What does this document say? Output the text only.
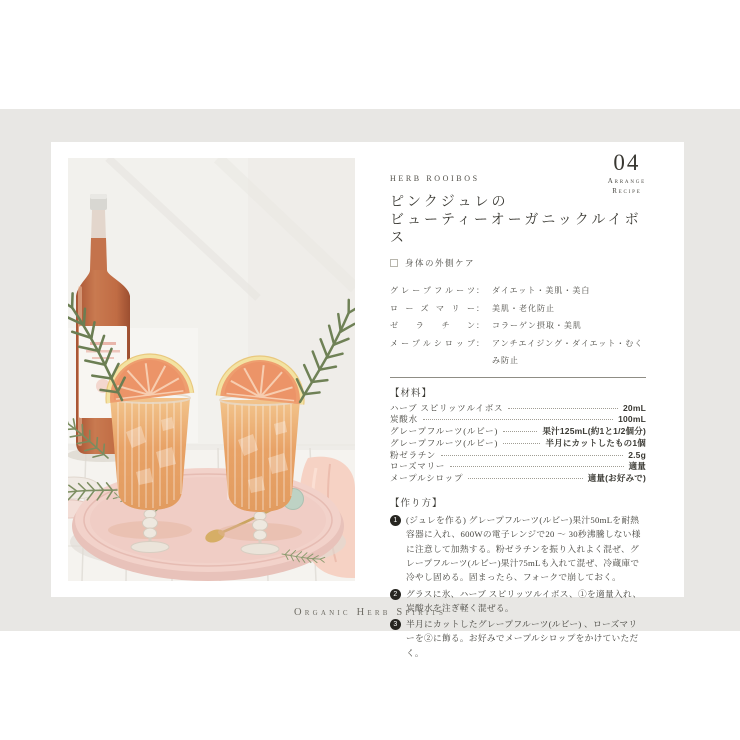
04
Arrange
Recipe
HERB ROOIBOS
ピンクジュレの
ビューティーオーガニックルイボス
身体の外側ケア
グレープフルーツ ： ダイエット・美肌・美白
ローズマリー ： 美肌・老化防止
ゼラチン ： コラーゲン摂取・美肌
メープルシロップ ： アンチエイジング・ダイエット・むくみ防止
【材料】
ハーブ スピリッツルイボス	20mL
炭酸水	100mL
グレープフルーツ(ルビー)	果汁125mL(約1と1/2個分)
グレープフルーツ(ルビー)	半月にカットしたもの1個
粉ゼラチン	2.5g
ローズマリー	適量
メープルシロップ	適量(お好みで)
【作り方】
1 (ジュレを作る) グレープフルーツ(ルビー)果汁50mLを耐熱容器に入れ、600Wの電子レンジで20 ～ 30秒沸騰しない様に注意して加熱する。粉ゼラチンを振り入れよく混ぜ、グレープフルーツ(ルビー)果汁75mLも入れて混ぜ、冷蔵庫で冷やし固める。固まったら、フォークで崩しておく。
2 グラスに氷、ハーブ スピリッツルイボス、①を適量入れ、炭酸水を注ぎ軽く混ぜる。
3 半月にカットしたグレープフルーツ(ルビー) 、ローズマリーを②に飾る。お好みでメープルシロップをかけていただく。
Organic Herb Spirits
